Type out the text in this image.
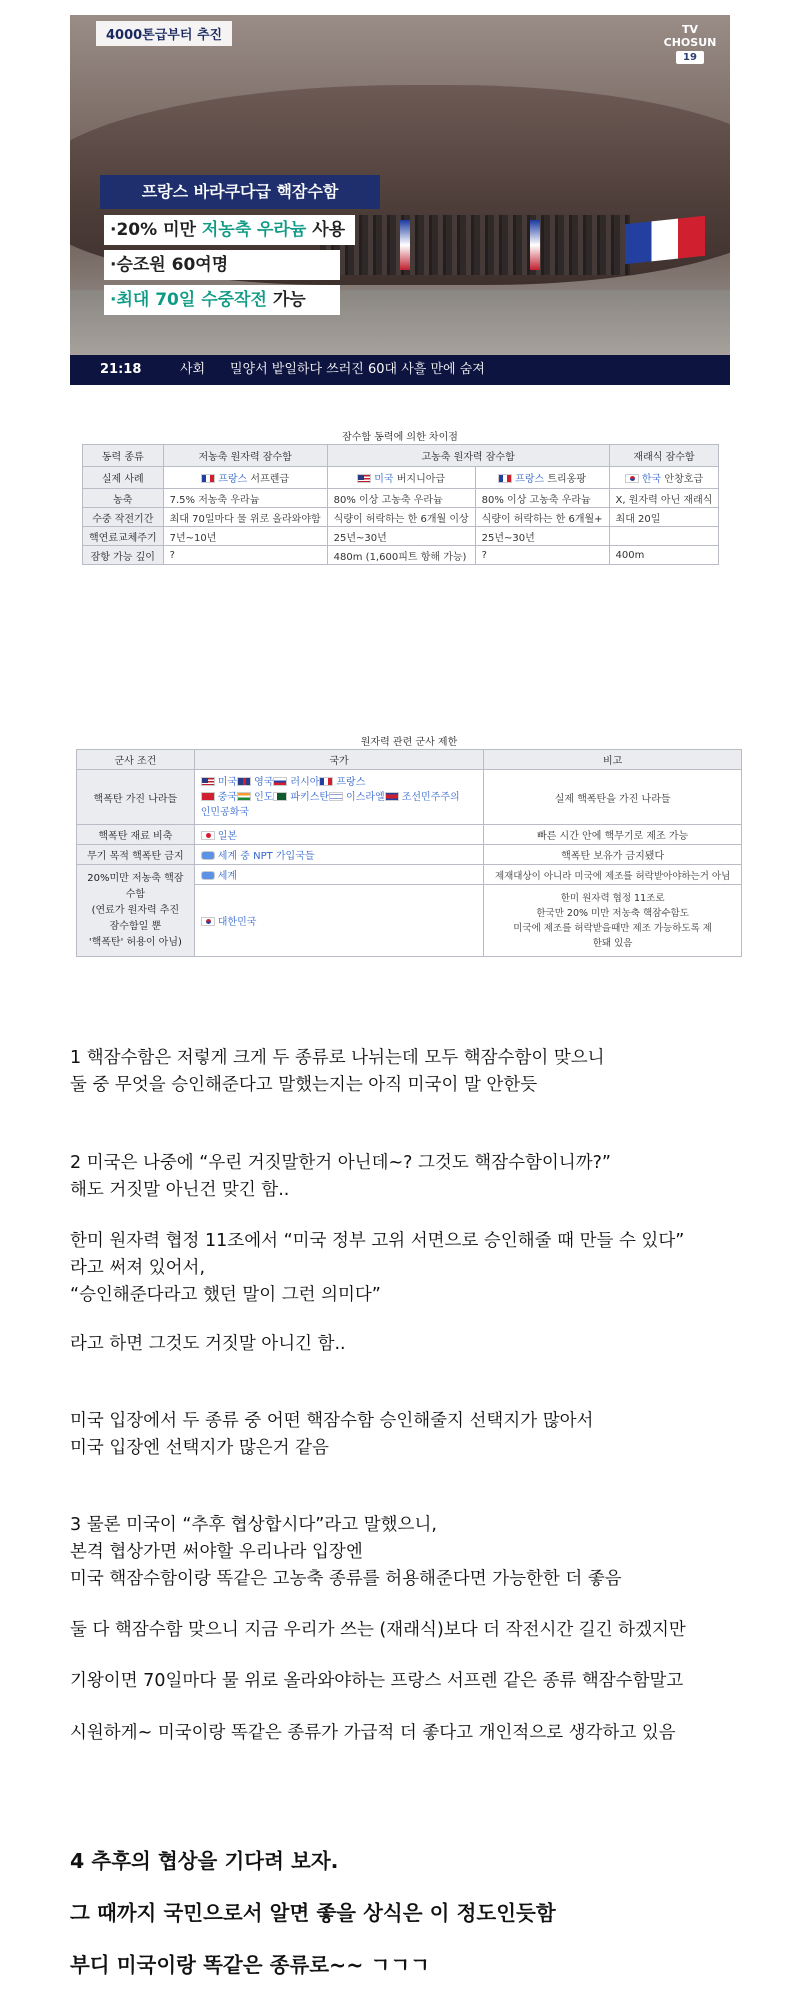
4000톤급부터 추진	TV
CHOSUN
19
프랑스 바라쿠다급 핵잠수함
·20% 미만 저농축 우라늄 사용
·승조원 60여명
·최대 70일 수중작전 가능
21:18	사회 밀양서 밭일하다 쓰러진 60대 사흘 만에 숨져
잠수함 동력에 의한 차이점
동력 종류	저농축 원자력 잠수함	고농축 원자력 잠수함		재래식 잠수함
실제 사례	프랑스 서프렌급	미국 버지니아급	프랑스 트리옹팡	한국 안창호급
농축	7.5% 저농축 우라늄	80% 이상 고농축 우라늄	80% 이상 고농축 우라늄	X, 원자력 아닌 재래식
수중 작전기간	최대 70일마다 물 위로 올라와야함	식량이 허락하는 한 6개월 이상	식량이 허락하는 한 6개월+	최대 20일
핵연료교체주기	7년~10년	25년~30년	25년~30년	
잠항 가능 깊이	?	480m (1,600피트 항해 가능)	?	400m
원자력 관련 군사 제한
군사 조건	국가	비고
핵폭탄 가진 나라들	미국 영국 러시아 프랑스
중국 인도 파키스탄 이스라엘 조선민주주의
인민공화국	실제 핵폭탄을 가진 나라들
핵폭탄 재료 비축	일본	빠른 시간 안에 핵무기로 제조 가능
무기 목적 핵폭탄 금지	세계 중 NPT 가입국들	핵폭탄 보유가 금지됐다
20%미만 저농축 핵잠
수함
(연료가 원자력 추진
잠수함일 뿐
'핵폭탄' 허용이 아님)	세계	제재대상이 아니라 미국에 제조를 허락받아야하는거 아님
	대한민국	한미 원자력 협정 11조로
한국만 20% 미만 저농축 핵잠수함도
미국에 제조를 허락받을때만 제조 가능하도록 제
한돼 있음
1 핵잠수함은 저렇게 크게 두 종류로 나뉘는데 모두 핵잠수함이 맞으니
둘 중 무엇을 승인해준다고 말했는지는 아직 미국이 말 안한듯
2 미국은 나중에 “우린 거짓말한거 아닌데~? 그것도 핵잠수함이니까?”
해도 거짓말 아닌건 맞긴 함..
한미 원자력 협정 11조에서 “미국 정부 고위 서면으로 승인해줄 때 만들 수 있다”
라고 써져 있어서,
“승인해준다라고 했던 말이 그런 의미다”
라고 하면 그것도 거짓말 아니긴 함..
미국 입장에서 두 종류 중 어떤 핵잠수함 승인해줄지 선택지가 많아서
미국 입장엔 선택지가 많은거 같음
3 물론 미국이 “추후 협상합시다”라고 말했으니,
본격 협상가면 써야할 우리나라 입장엔
미국 핵잠수함이랑 똑같은 고농축 종류를 허용해준다면 가능한한 더 좋음
둘 다 핵잠수함 맞으니 지금 우리가 쓰는 (재래식)보다 더 작전시간 길긴 하겠지만
기왕이면 70일마다 물 위로 올라와야하는 프랑스 서프렌 같은 종류 핵잠수함말고
시원하게~ 미국이랑 똑같은 종류가 가급적 더 좋다고 개인적으로 생각하고 있음
4 추후의 협상을 기다려 보자.
그 때까지 국민으로서 알면 좋을 상식은 이 정도인듯함
부디 미국이랑 똑같은 종류로~~ ㄱㄱㄱ
